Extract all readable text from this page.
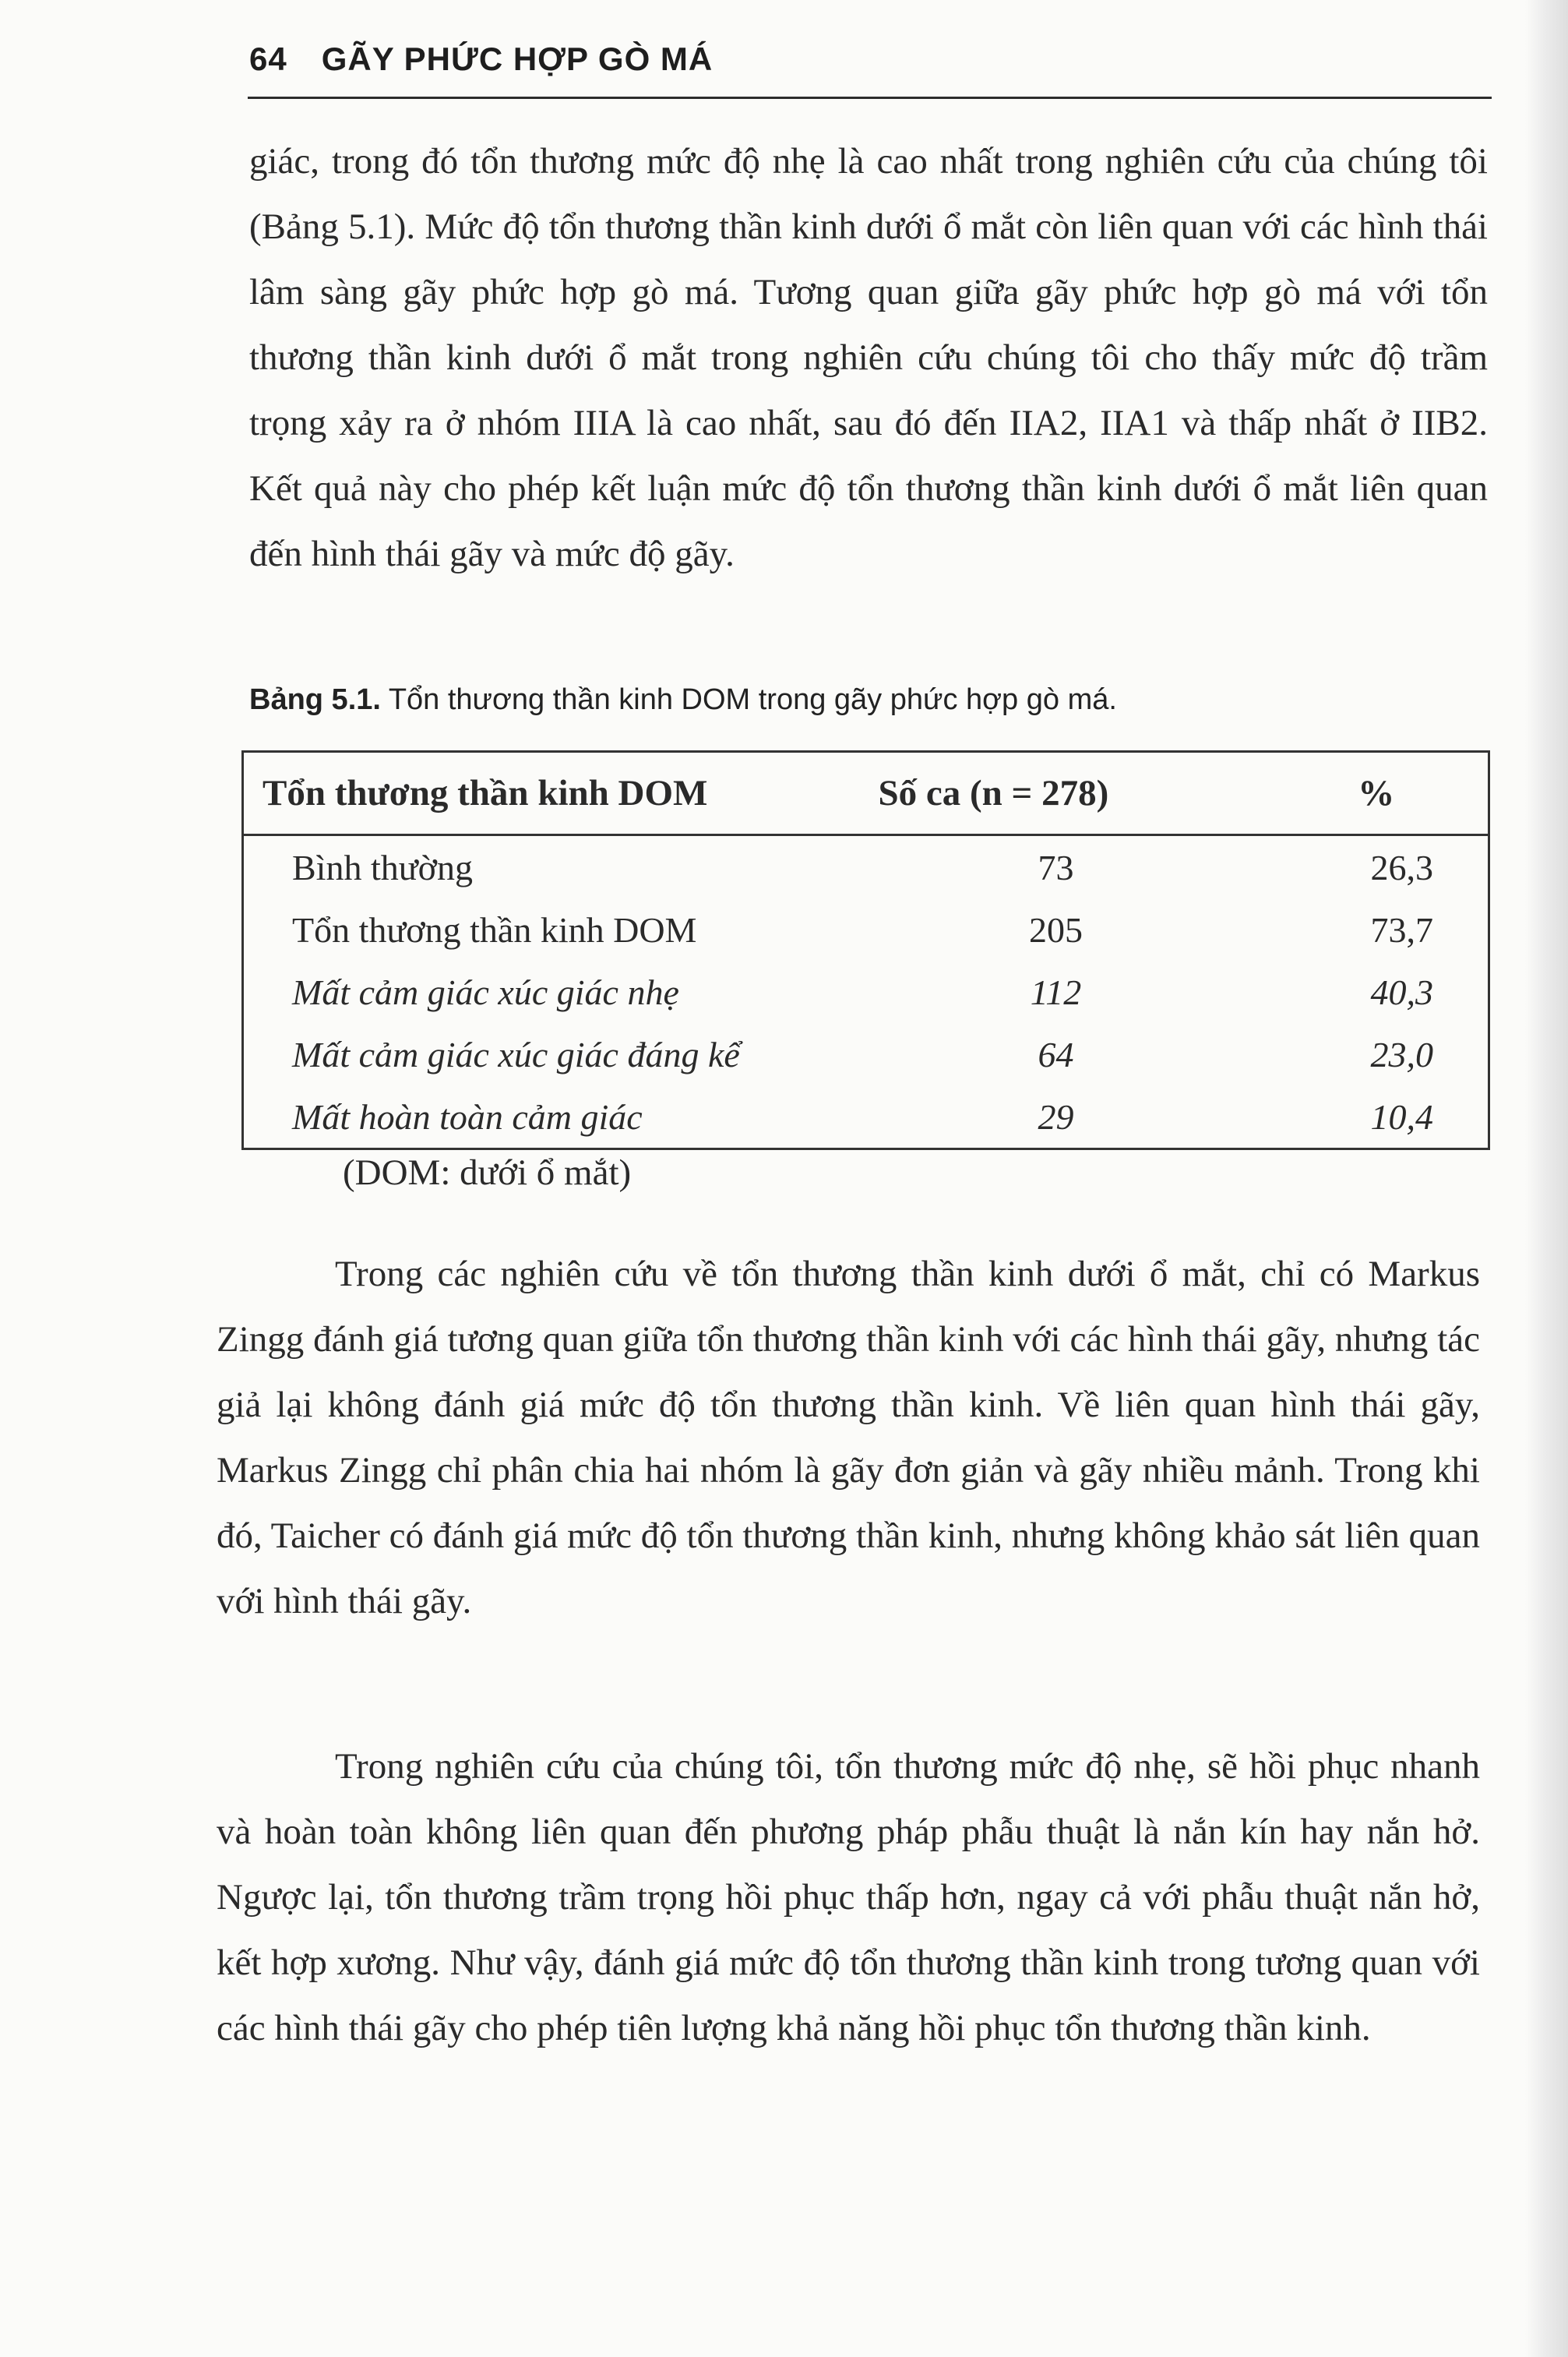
64 GÃY PHỨC HỢP GÒ MÁ

giác, trong đó tổn thương mức độ nhẹ là cao nhất trong nghiên cứu của chúng tôi (Bảng 5.1). Mức độ tổn thương thần kinh dưới ổ mắt còn liên quan với các hình thái lâm sàng gãy phức hợp gò má. Tương quan giữa gãy phức hợp gò má với tổn thương thần kinh dưới ổ mắt trong nghiên cứu chúng tôi cho thấy mức độ trầm trọng xảy ra ở nhóm IIIA là cao nhất, sau đó đến IIA2, IIA1 và thấp nhất ở IIB2. Kết quả này cho phép kết luận mức độ tổn thương thần kinh dưới ổ mắt liên quan đến hình thái gãy và mức độ gãy.

Bảng 5.1. Tổn thương thần kinh DOM trong gãy phức hợp gò má.

Tổn thương thần kinh DOM	Số ca (n = 278)	%
Bình thường	73	26,3
Tổn thương thần kinh DOM	205	73,7
Mất cảm giác xúc giác nhẹ	112	40,3
Mất cảm giác xúc giác đáng kể	64	23,0
Mất hoàn toàn cảm giác	29	10,4

(DOM: dưới ổ mắt)

Trong các nghiên cứu về tổn thương thần kinh dưới ổ mắt, chỉ có Markus Zingg đánh giá tương quan giữa tổn thương thần kinh với các hình thái gãy, nhưng tác giả lại không đánh giá mức độ tổn thương thần kinh. Về liên quan hình thái gãy, Markus Zingg chỉ phân chia hai nhóm là gãy đơn giản và gãy nhiều mảnh. Trong khi đó, Taicher có đánh giá mức độ tổn thương thần kinh, nhưng không khảo sát liên quan với hình thái gãy.

Trong nghiên cứu của chúng tôi, tổn thương mức độ nhẹ, sẽ hồi phục nhanh và hoàn toàn không liên quan đến phương pháp phẫu thuật là nắn kín hay nắn hở. Ngược lại, tổn thương trầm trọng hồi phục thấp hơn, ngay cả với phẫu thuật nắn hở, kết hợp xương. Như vậy, đánh giá mức độ tổn thương thần kinh trong tương quan với các hình thái gãy cho phép tiên lượng khả năng hồi phục tổn thương thần kinh.
